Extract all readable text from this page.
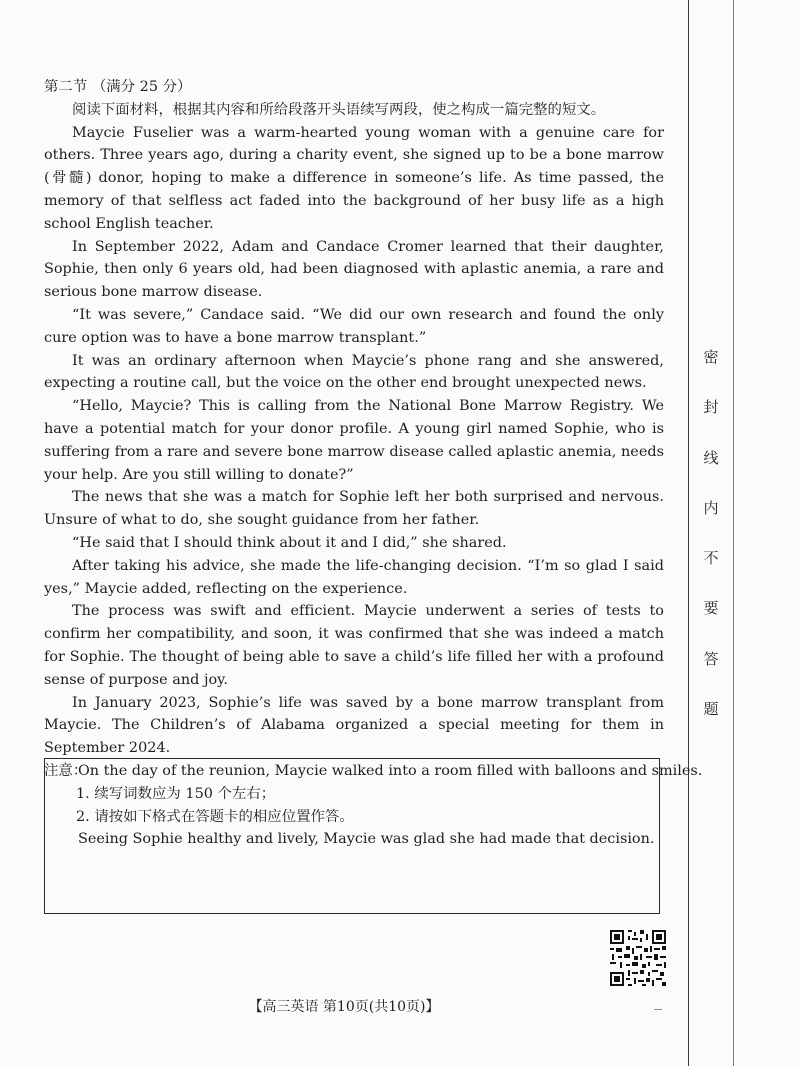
密
封
线
内
不
要
答
题

第二节 （满分 25 分）

阅读下面材料，根据其内容和所给段落开头语续写两段，使之构成一篇完整的短文。

Maycie Fuselier was a warm-hearted young woman with a genuine care for others. Three years ago, during a charity event, she signed up to be a bone marrow (骨髓) donor, hoping to make a difference in someone’s life. As time passed, the memory of that selfless act faded into the background of her busy life as a high school English teacher.

In September 2022, Adam and Candace Cromer learned that their daughter, Sophie, then only 6 years old, had been diagnosed with aplastic anemia, a rare and serious bone marrow disease.

“It was severe,” Candace said. “We did our own research and found the only cure option was to have a bone marrow transplant.”

It was an ordinary afternoon when Maycie’s phone rang and she answered, expecting a routine call, but the voice on the other end brought unexpected news.

“Hello, Maycie? This is calling from the National Bone Marrow Registry. We have a potential match for your donor profile. A young girl named Sophie, who is suffering from a rare and severe bone marrow disease called aplastic anemia, needs your help. Are you still willing to donate?”

The news that she was a match for Sophie left her both surprised and nervous. Unsure of what to do, she sought guidance from her father.

“He said that I should think about it and I did,” she shared.

After taking his advice, she made the life-changing decision. “I’m so glad I said yes,” Maycie added, reflecting on the experience.

The process was swift and efficient. Maycie underwent a series of tests to confirm her compatibility, and soon, it was confirmed that she was indeed a match for Sophie. The thought of being able to save a child’s life filled her with a profound sense of purpose and joy.

In January 2023, Sophie’s life was saved by a bone marrow transplant from Maycie. The Children’s of Alabama organized a special meeting for them in September 2024.

注意：

1. 续写词数应为 150 个左右；

2. 请按如下格式在答题卡的相应位置作答。

On the day of the reunion, Maycie walked into a room filled with balloons and smiles.
Seeing Sophie healthy and lively, Maycie was glad she had made that decision.
【高三英语 第10页(共10页)】
